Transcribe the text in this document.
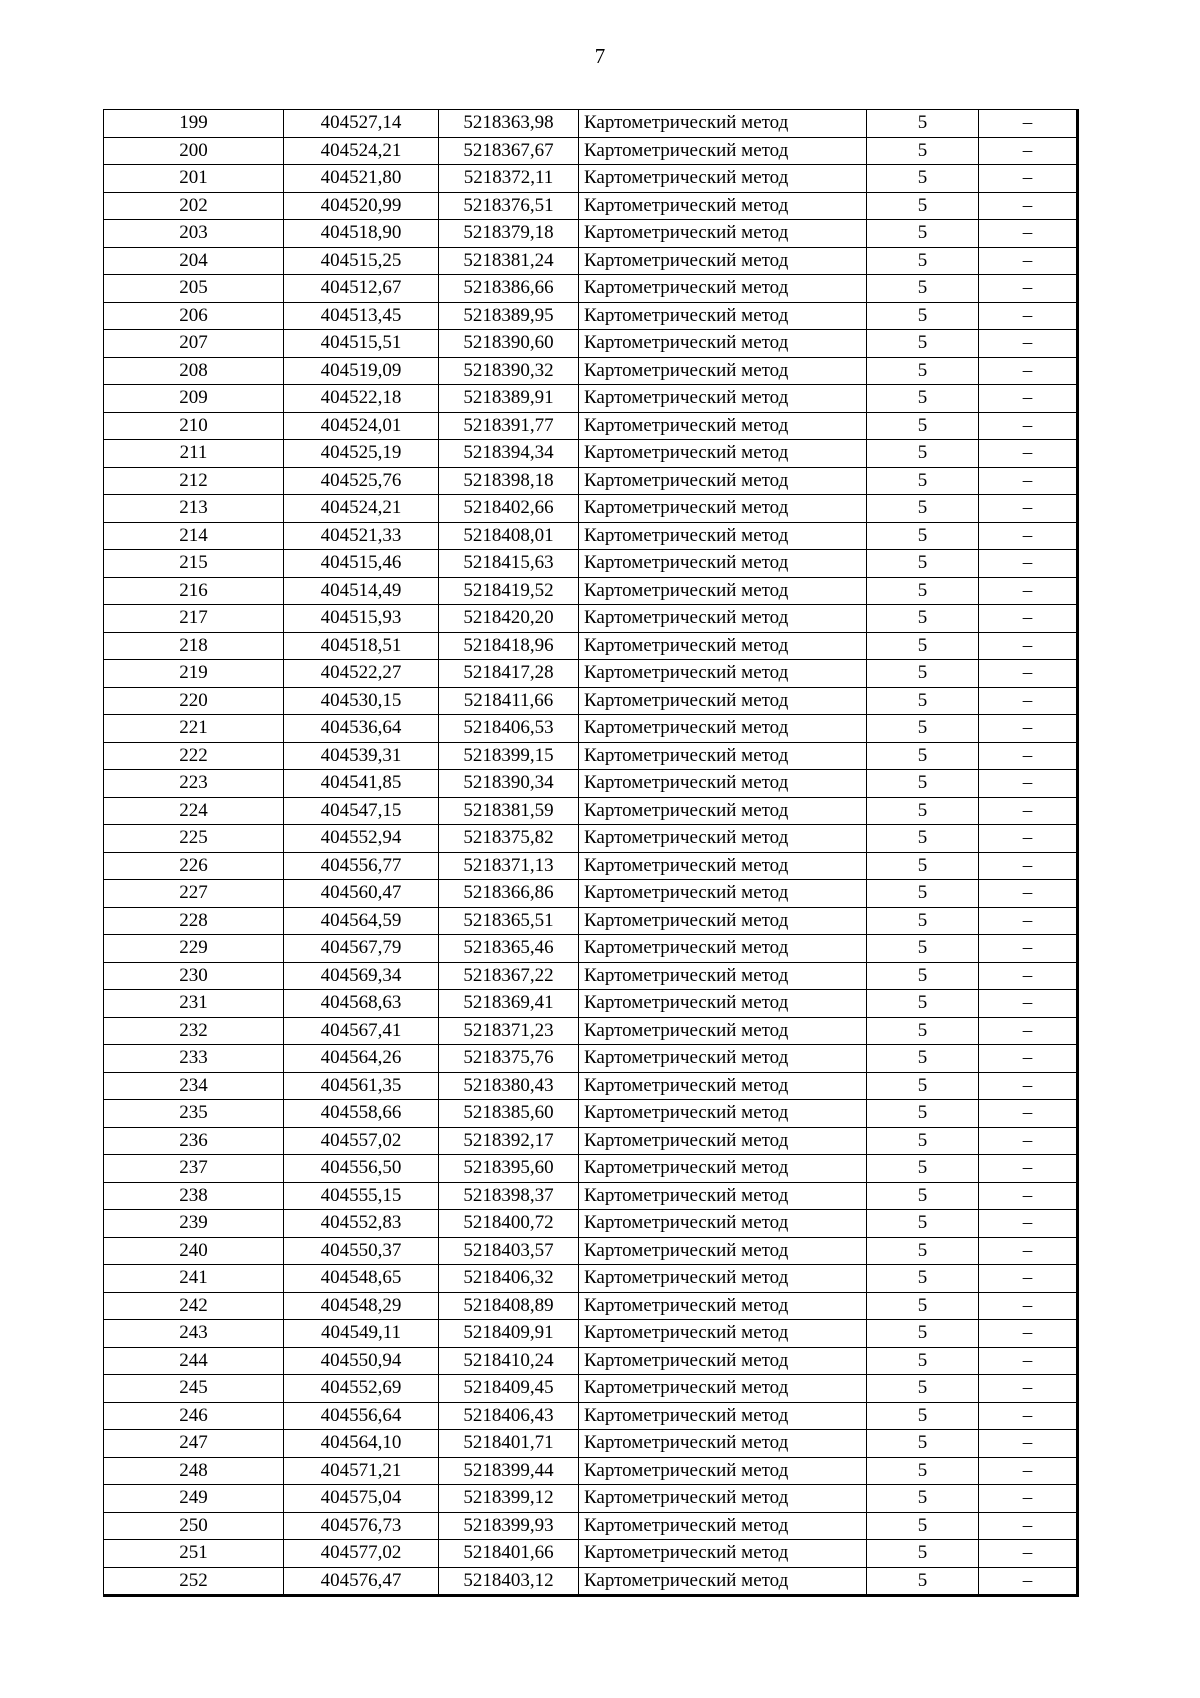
7
199	404527,14	5218363,98	Картометрический метод	5	–
200	404524,21	5218367,67	Картометрический метод	5	–
201	404521,80	5218372,11	Картометрический метод	5	–
202	404520,99	5218376,51	Картометрический метод	5	–
203	404518,90	5218379,18	Картометрический метод	5	–
204	404515,25	5218381,24	Картометрический метод	5	–
205	404512,67	5218386,66	Картометрический метод	5	–
206	404513,45	5218389,95	Картометрический метод	5	–
207	404515,51	5218390,60	Картометрический метод	5	–
208	404519,09	5218390,32	Картометрический метод	5	–
209	404522,18	5218389,91	Картометрический метод	5	–
210	404524,01	5218391,77	Картометрический метод	5	–
211	404525,19	5218394,34	Картометрический метод	5	–
212	404525,76	5218398,18	Картометрический метод	5	–
213	404524,21	5218402,66	Картометрический метод	5	–
214	404521,33	5218408,01	Картометрический метод	5	–
215	404515,46	5218415,63	Картометрический метод	5	–
216	404514,49	5218419,52	Картометрический метод	5	–
217	404515,93	5218420,20	Картометрический метод	5	–
218	404518,51	5218418,96	Картометрический метод	5	–
219	404522,27	5218417,28	Картометрический метод	5	–
220	404530,15	5218411,66	Картометрический метод	5	–
221	404536,64	5218406,53	Картометрический метод	5	–
222	404539,31	5218399,15	Картометрический метод	5	–
223	404541,85	5218390,34	Картометрический метод	5	–
224	404547,15	5218381,59	Картометрический метод	5	–
225	404552,94	5218375,82	Картометрический метод	5	–
226	404556,77	5218371,13	Картометрический метод	5	–
227	404560,47	5218366,86	Картометрический метод	5	–
228	404564,59	5218365,51	Картометрический метод	5	–
229	404567,79	5218365,46	Картометрический метод	5	–
230	404569,34	5218367,22	Картометрический метод	5	–
231	404568,63	5218369,41	Картометрический метод	5	–
232	404567,41	5218371,23	Картометрический метод	5	–
233	404564,26	5218375,76	Картометрический метод	5	–
234	404561,35	5218380,43	Картометрический метод	5	–
235	404558,66	5218385,60	Картометрический метод	5	–
236	404557,02	5218392,17	Картометрический метод	5	–
237	404556,50	5218395,60	Картометрический метод	5	–
238	404555,15	5218398,37	Картометрический метод	5	–
239	404552,83	5218400,72	Картометрический метод	5	–
240	404550,37	5218403,57	Картометрический метод	5	–
241	404548,65	5218406,32	Картометрический метод	5	–
242	404548,29	5218408,89	Картометрический метод	5	–
243	404549,11	5218409,91	Картометрический метод	5	–
244	404550,94	5218410,24	Картометрический метод	5	–
245	404552,69	5218409,45	Картометрический метод	5	–
246	404556,64	5218406,43	Картометрический метод	5	–
247	404564,10	5218401,71	Картометрический метод	5	–
248	404571,21	5218399,44	Картометрический метод	5	–
249	404575,04	5218399,12	Картометрический метод	5	–
250	404576,73	5218399,93	Картометрический метод	5	–
251	404577,02	5218401,66	Картометрический метод	5	–
252	404576,47	5218403,12	Картометрический метод	5	–
